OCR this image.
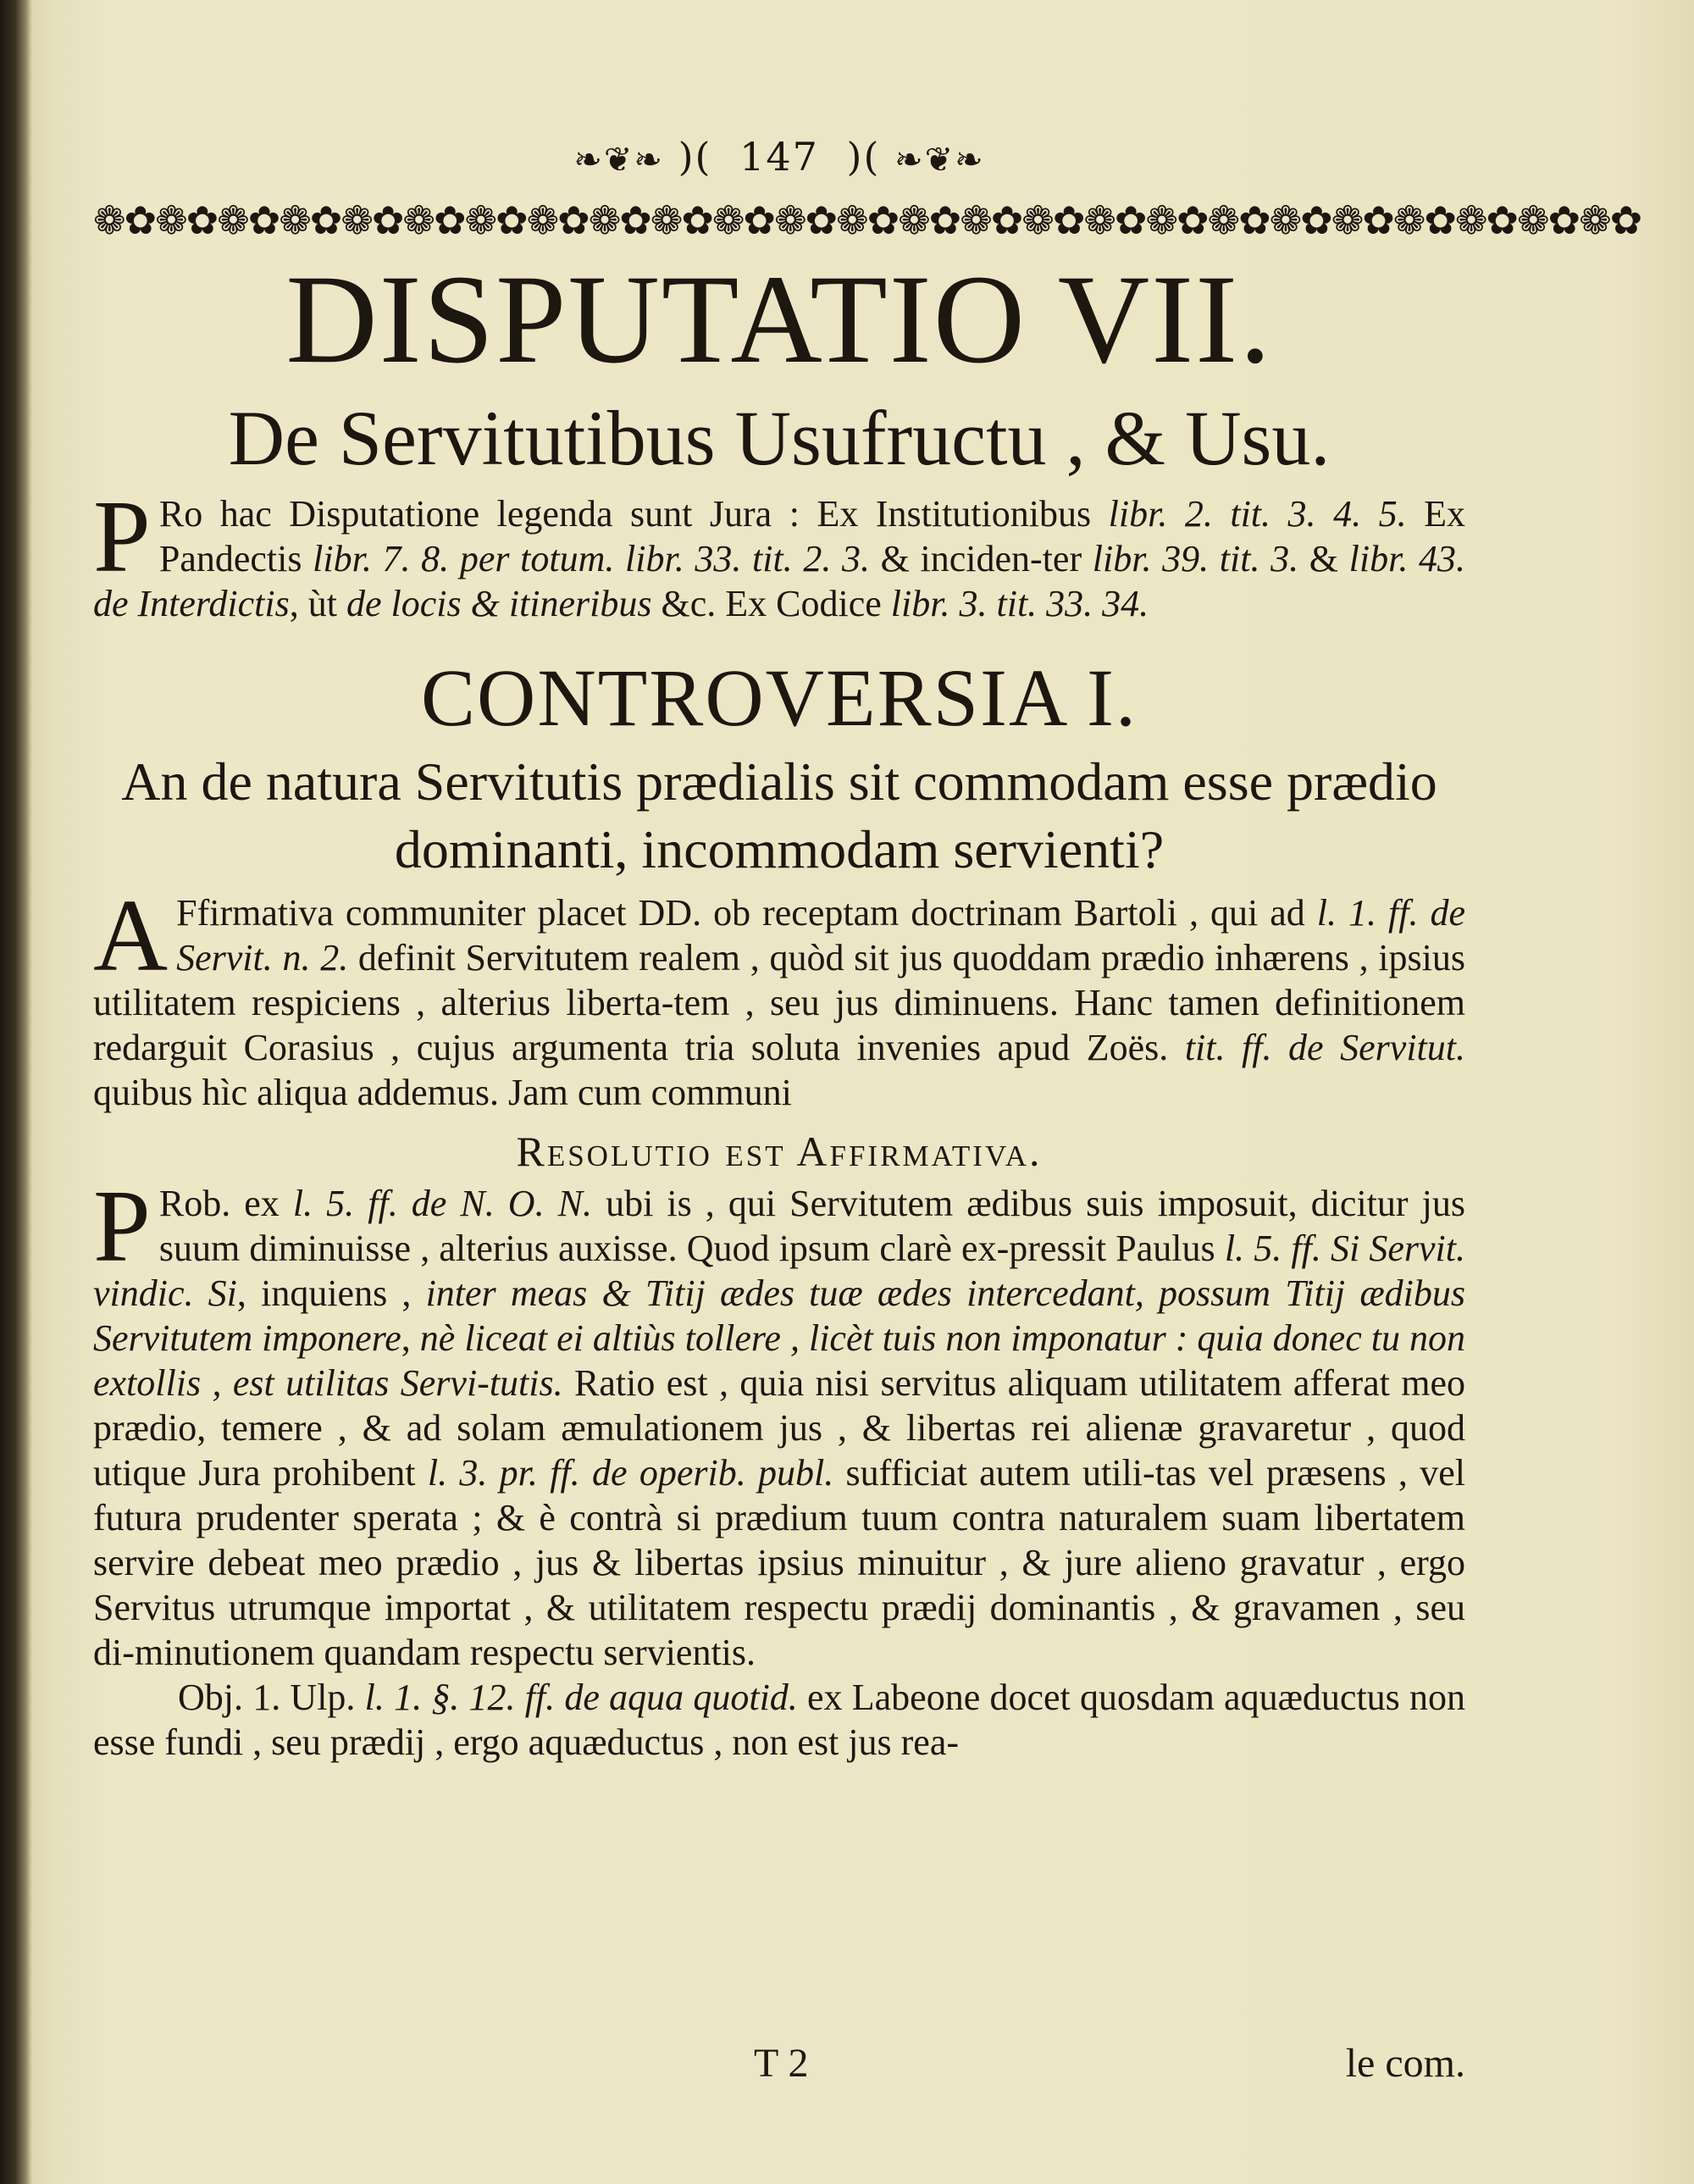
❧❦❧ )( 147 )( ❧❦❧
❁✿❁✿❁✿❁✿❁✿❁✿❁✿❁✿❁✿❁✿❁✿❁✿❁✿❁✿❁✿❁✿❁✿❁✿❁✿❁✿❁✿❁✿❁✿❁✿❁✿
DISPUTATIO VII.
De Servitutibus Usufructu , & Usu.

P Ro hac Disputatione legenda sunt Jura : Ex Institutionibus libr. 2. tit. 3. 4. 5. Ex Pandectis libr. 7. 8. per totum. libr. 33. tit. 2. 3. & inciden-ter libr. 39. tit. 3. & libr. 43. de Interdictis, ùt de locis & itineribus &c. Ex Codice libr. 3. tit. 33. 34.

CONTROVERSIA I.
An de natura Servitutis prædialis sit commodam esse prædio dominanti, incommodam servienti?

A Ffirmativa communiter placet DD. ob receptam doctrinam Bartoli , qui ad l. 1. ff. de Servit. n. 2. definit Servitutem realem , quòd sit jus quoddam prædio inhærens , ipsius utilitatem respiciens , alterius liberta-tem , seu jus diminuens. Hanc tamen definitionem redarguit Corasius , cujus argumenta tria soluta invenies apud Zoës. tit. ff. de Servitut. quibus hìc aliqua addemus. Jam cum communi

Resolutio est Affirmativa.

P Rob. ex l. 5. ff. de N. O. N. ubi is , qui Servitutem ædibus suis imposuit, dicitur jus suum diminuisse , alterius auxisse. Quod ipsum clarè ex-pressit Paulus l. 5. ff. Si Servit. vindic. Si, inquiens , inter meas & Titij ædes tuæ ædes intercedant, possum Titij ædibus Servitutem imponere, nè liceat ei altiùs tollere , licèt tuis non imponatur : quia donec tu non extollis , est utilitas Servi-tutis. Ratio est , quia nisi servitus aliquam utilitatem afferat meo prædio, temere , & ad solam æmulationem jus , & libertas rei alienæ gravaretur , quod utique Jura prohibent l. 3. pr. ff. de operib. publ. sufficiat autem utili-tas vel præsens , vel futura prudenter sperata ; & è contrà si prædium tuum contra naturalem suam libertatem servire debeat meo prædio , jus & libertas ipsius minuitur , & jure alieno gravatur , ergo Servitus utrumque importat , & utilitatem respectu prædij dominantis , & gravamen , seu di-minutionem quandam respectu servientis.

Obj. 1. Ulp. l. 1. §. 12. ff. de aqua quotid. ex Labeone docet quosdam aquæductus non esse fundi , seu prædij , ergo aquæductus , non est jus rea-

T 2	le com.
